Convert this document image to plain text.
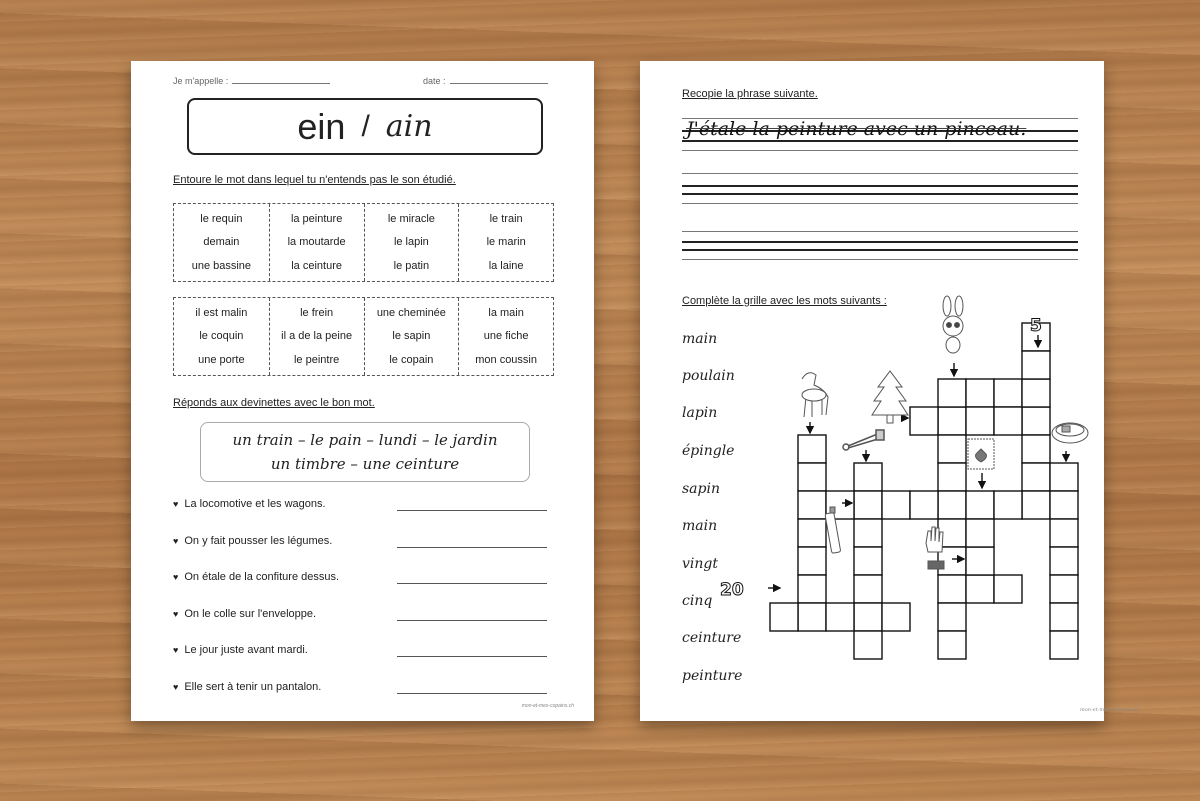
Je m'appelle :	date :
ein / ain
Entoure le mot dans lequel tu n'entends pas le son étudié.
le requin
demain
une bassine
la peinture
la moutarde
la ceinture
le miracle
le lapin
le patin
le train
le marin
la laine
il est malin
le coquin
une porte
le frein
il a de la peine
le peintre
une cheminée
le sapin
le copain
la main
une fiche
mon coussin
Réponds aux devinettes avec le bon mot.
un train – le pain – lundi – le jardin
un timbre – une ceinture
♥ La locomotive et les wagons.
♥ On y fait pousser les légumes.
♥ On étale de la confiture dessus.
♥ On le colle sur l'enveloppe.
♥ Le jour juste avant mardi.
♥ Elle sert à tenir un pantalon.
mon-et-mes-copains.ch
Recopie la phrase suivante.
J'étale la peinture avec un pinceau.
Complète la grille avec les mots suivants :
main
poulain
lapin
épingle
sapin
main
vingt
cinq
ceinture
peinture
5
20
mon-et-mes-copains.ch
